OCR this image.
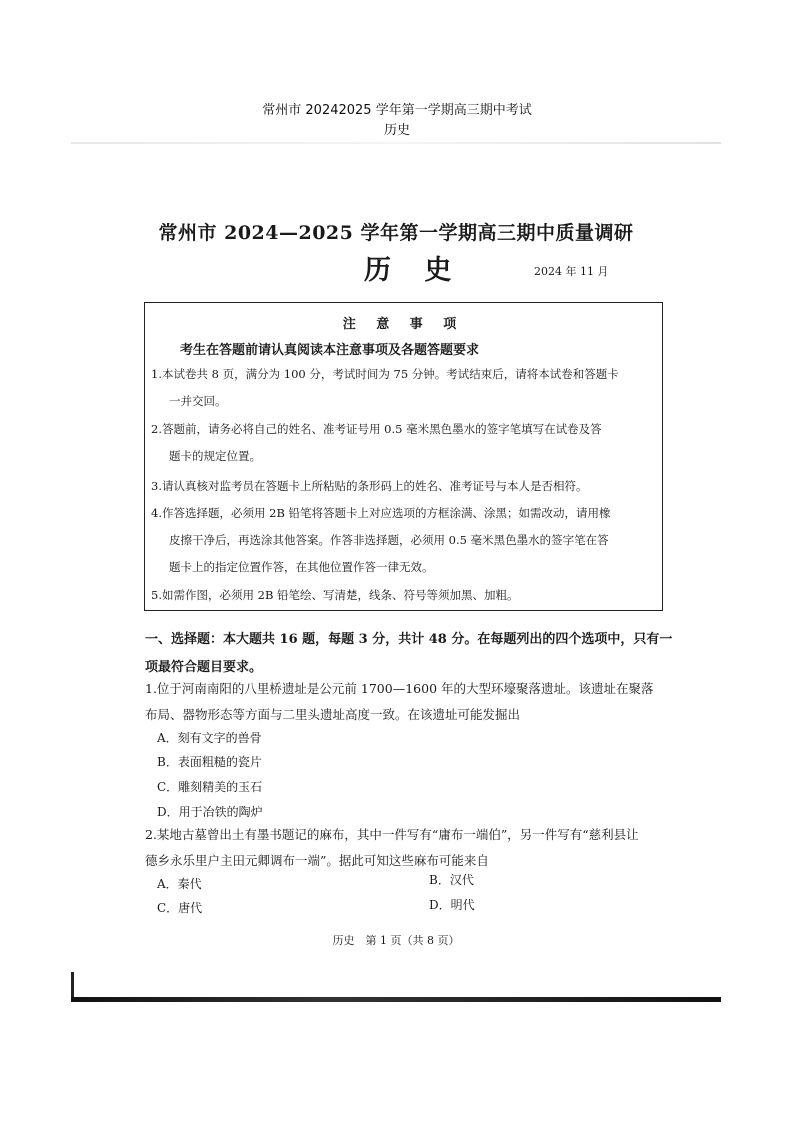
常州市 20242025 学年第一学期高三期中考试
历史
常州市 2024—2025 学年第一学期高三期中质量调研
历 史	2024 年 11 月
注 意 事 项
考生在答题前请认真阅读本注意事项及各题答题要求
1.本试卷共 8 页，满分为 100 分，考试时间为 75 分钟。考试结束后，请将本试卷和答题卡
一并交回。
2.答题前，请务必将自己的姓名、准考证号用 0.5 毫米黑色墨水的签字笔填写在试卷及答
题卡的规定位置。
3.请认真核对监考员在答题卡上所粘贴的条形码上的姓名、准考证号与本人是否相符。
4.作答选择题，必须用 2B 铅笔将答题卡上对应选项的方框涂满、涂黑；如需改动，请用橡
皮擦干净后，再选涂其他答案。作答非选择题，必须用 0.5 毫米黑色墨水的签字笔在答
题卡上的指定位置作答，在其他位置作答一律无效。
5.如需作图，必须用 2B 铅笔绘、写清楚，线条、符号等须加黑、加粗。
一、选择题：本大题共 16 题，每题 3 分，共计 48 分。在每题列出的四个选项中，只有一
项最符合题目要求。
1.位于河南南阳的八里桥遗址是公元前 1700—1600 年的大型环壕聚落遗址。该遗址在聚落
布局、器物形态等方面与二里头遗址高度一致。在该遗址可能发掘出
A．刻有文字的兽骨
B．表面粗糙的瓷片
C．雕刻精美的玉石
D．用于冶铁的陶炉
2.某地古墓曾出土有墨书题记的麻布，其中一件写有“庸布一端伯”，另一件写有“慈利县让
德乡永乐里户主田元卿调布一端”。据此可知这些麻布可能来自
A．秦代	B．汉代
C．唐代	D．明代
历史　第 1 页（共 8 页）
